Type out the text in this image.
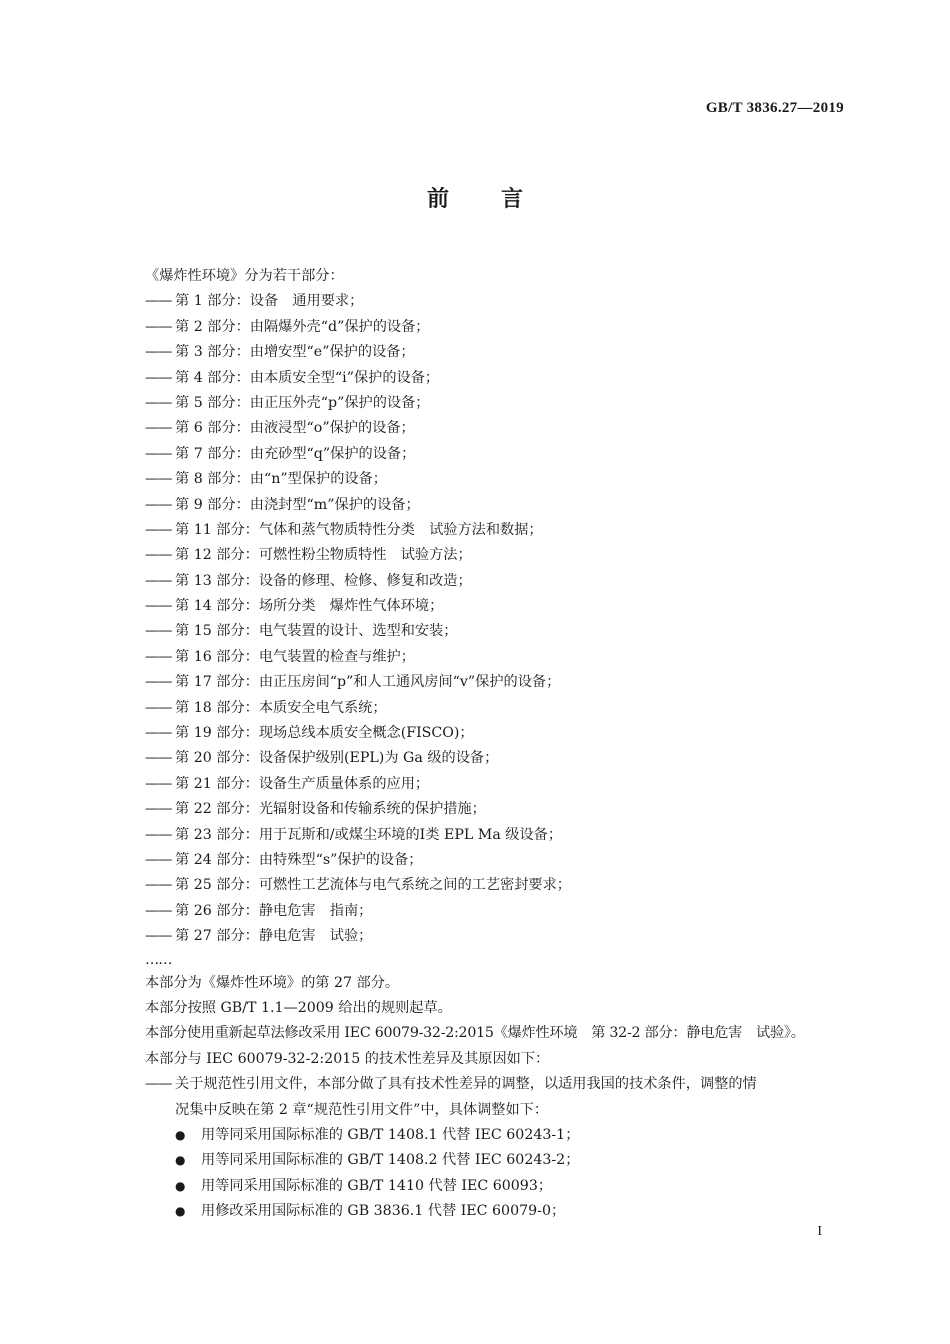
GB/T 3836.27—2019
前言
《爆炸性环境》分为若干部分：
—— 第 1 部分：设备　通用要求；
—— 第 2 部分：由隔爆外壳“d”保护的设备；
—— 第 3 部分：由增安型“e”保护的设备；
—— 第 4 部分：由本质安全型“i”保护的设备；
—— 第 5 部分：由正压外壳“p”保护的设备；
—— 第 6 部分：由液浸型“o”保护的设备；
—— 第 7 部分：由充砂型“q”保护的设备；
—— 第 8 部分：由“n”型保护的设备；
—— 第 9 部分：由浇封型“m”保护的设备；
—— 第 11 部分：气体和蒸气物质特性分类　试验方法和数据；
—— 第 12 部分：可燃性粉尘物质特性　试验方法；
—— 第 13 部分：设备的修理、检修、修复和改造；
—— 第 14 部分：场所分类　爆炸性气体环境；
—— 第 15 部分：电气装置的设计、选型和安装；
—— 第 16 部分：电气装置的检查与维护；
—— 第 17 部分：由正压房间“p”和人工通风房间“v”保护的设备；
—— 第 18 部分：本质安全电气系统；
—— 第 19 部分：现场总线本质安全概念(FISCO)；
—— 第 20 部分：设备保护级别(EPL)为 Ga 级的设备；
—— 第 21 部分：设备生产质量体系的应用；
—— 第 22 部分：光辐射设备和传输系统的保护措施；
—— 第 23 部分：用于瓦斯和/或煤尘环境的Ⅰ类 EPL Ma 级设备；
—— 第 24 部分：由特殊型“s”保护的设备；
—— 第 25 部分：可燃性工艺流体与电气系统之间的工艺密封要求；
—— 第 26 部分：静电危害　指南；
—— 第 27 部分：静电危害　试验；
……
本部分为《爆炸性环境》的第 27 部分。
本部分按照 GB/T 1.1—2009 给出的规则起草。
本部分使用重新起草法修改采用 IEC 60079-32-2:2015《爆炸性环境　第 32-2 部分：静电危害　试验》。
本部分与 IEC 60079-32-2:2015 的技术性差异及其原因如下：
—— 关于规范性引用文件，本部分做了具有技术性差异的调整，以适用我国的技术条件，调整的情
况集中反映在第 2 章“规范性引用文件”中，具体调整如下：
● 用等同采用国际标准的 GB/T 1408.1 代替 IEC 60243-1；
● 用等同采用国际标准的 GB/T 1408.2 代替 IEC 60243-2；
● 用等同采用国际标准的 GB/T 1410 代替 IEC 60093；
● 用修改采用国际标准的 GB 3836.1 代替 IEC 60079-0；
I
